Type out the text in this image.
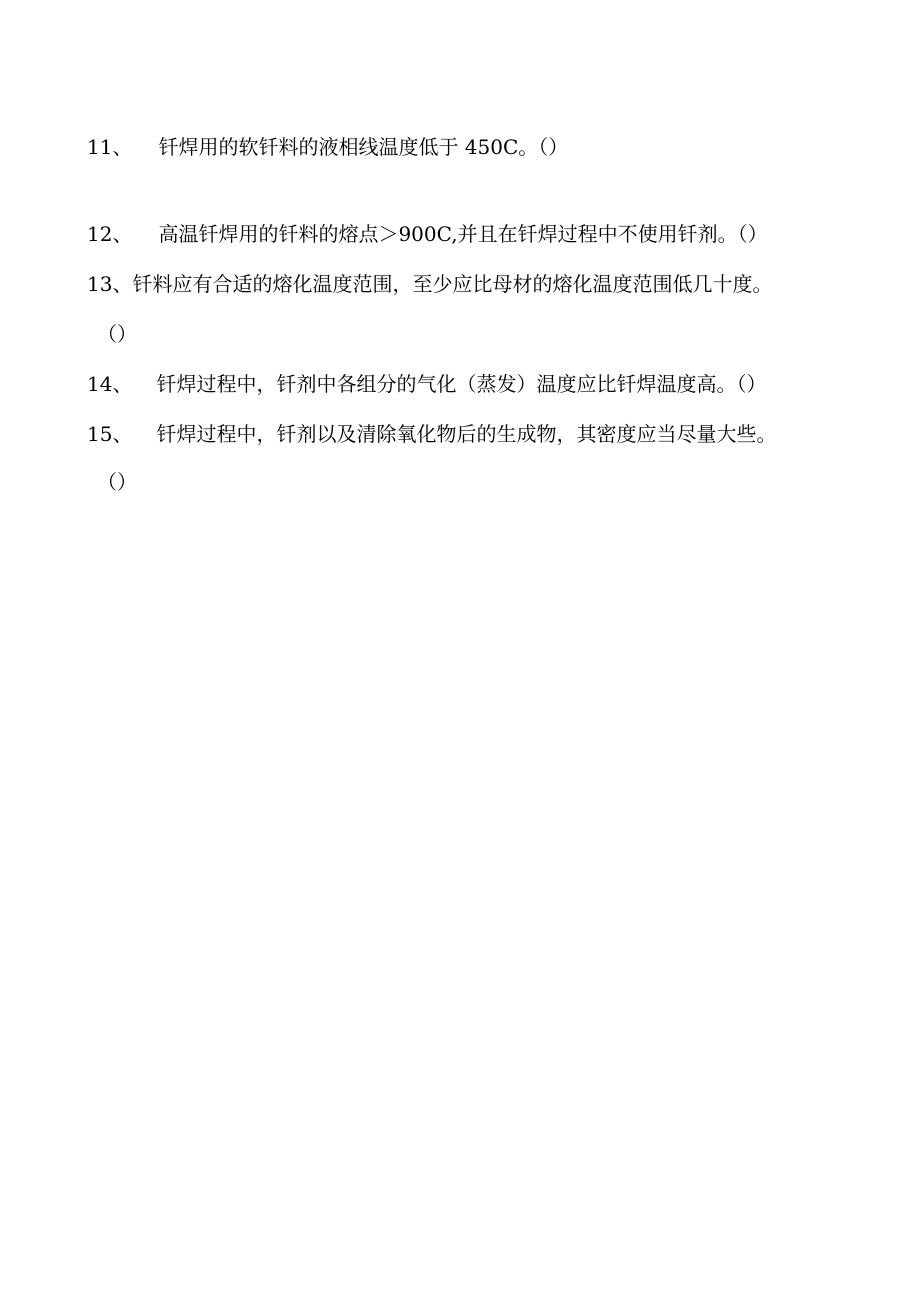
11、 钎焊用的软钎料的液相线温度低于 450C。（）
12、 高温钎焊用的钎料的熔点＞900C,并且在钎焊过程中不使用钎剂。（）
13、钎料应有合适的熔化温度范围，至少应比母材的熔化温度范围低几十度。
（）
14、 钎焊过程中，钎剂中各组分的气化（蒸发）温度应比钎焊温度高。（）
15、 钎焊过程中，钎剂以及清除氧化物后的生成物，其密度应当尽量大些。
（）
